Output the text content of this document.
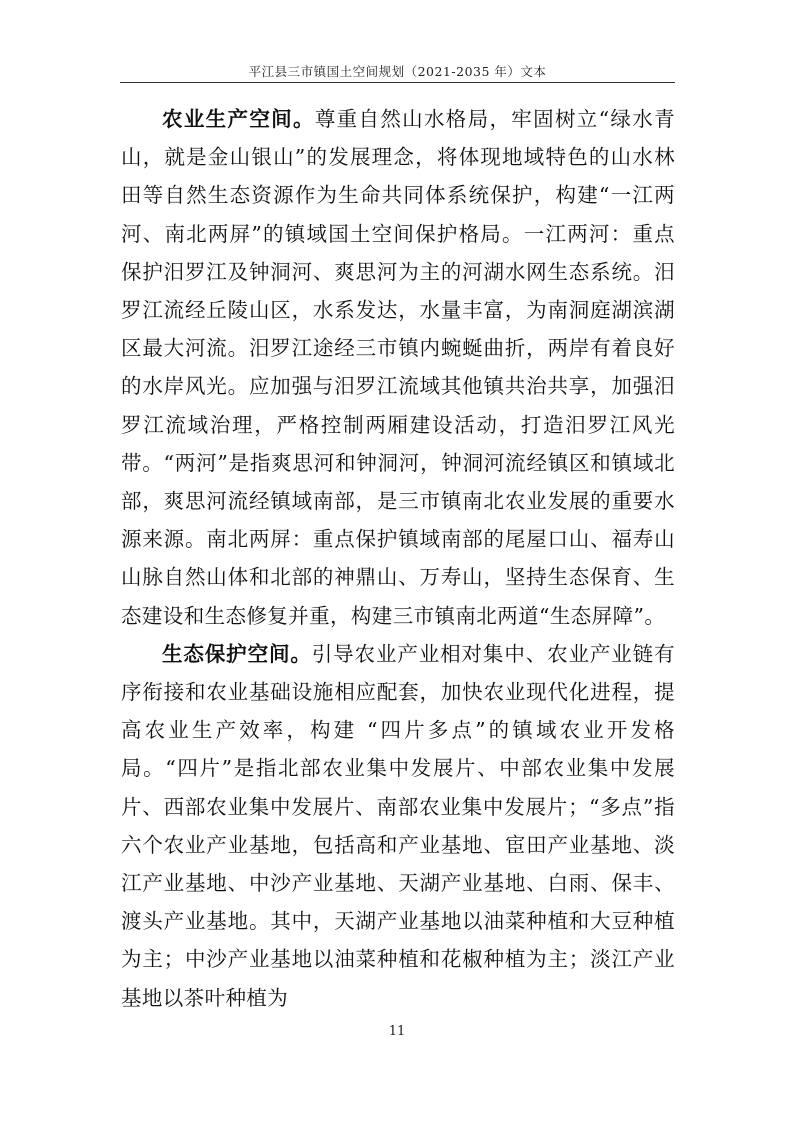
平江县三市镇国土空间规划（2021-2035 年）文本

农业生产空间。尊重自然山水格局，牢固树立“绿水青山，就是金山银山”的发展理念，将体现地域特色的山水林田等自然生态资源作为生命共同体系统保护，构建“一江两河、南北两屏”的镇域国土空间保护格局。一江两河：重点保护汨罗江及钟洞河、爽思河为主的河湖水网生态系统。汨罗江流经丘陵山区，水系发达，水量丰富，为南洞庭湖滨湖区最大河流。汨罗江途经三市镇内蜿蜒曲折，两岸有着良好的水岸风光。应加强与汨罗江流域其他镇共治共享，加强汨罗江流域治理，严格控制两厢建设活动，打造汨罗江风光带。“两河”是指爽思河和钟洞河，钟洞河流经镇区和镇域北部，爽思河流经镇域南部，是三市镇南北农业发展的重要水源来源。南北两屏：重点保护镇域南部的尾屋口山、福寿山山脉自然山体和北部的神鼎山、万寿山，坚持生态保育、生态建设和生态修复并重，构建三市镇南北两道“生态屏障”。

生态保护空间。引导农业产业相对集中、农业产业链有序衔接和农业基础设施相应配套，加快农业现代化进程，提高农业生产效率，构建 “四片多点”的镇域农业开发格局。“四片”是指北部农业集中发展片、中部农业集中发展片、西部农业集中发展片、南部农业集中发展片；“多点”指六个农业产业基地，包括高和产业基地、宦田产业基地、淡江产业基地、中沙产业基地、天湖产业基地、白雨、保丰、渡头产业基地。其中，天湖产业基地以油菜种植和大豆种植为主；中沙产业基地以油菜种植和花椒种植为主；淡江产业基地以茶叶种植为

11
